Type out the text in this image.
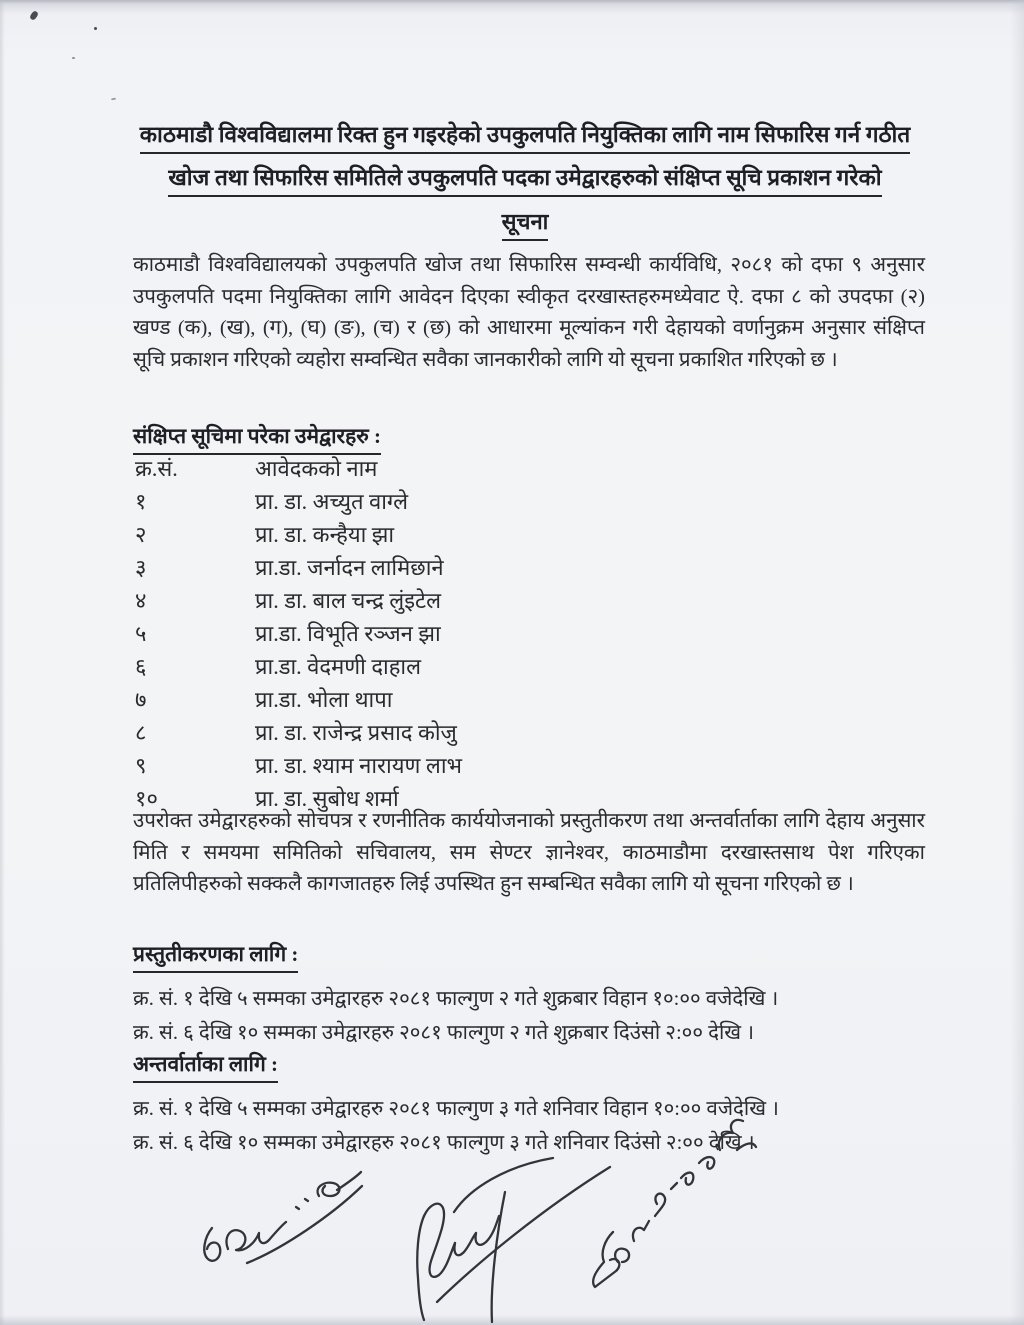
काठमाडौ विश्वविद्यालमा रिक्त हुन गइरहेको उपकुलपति नियुक्तिका लागि नाम सिफारिस गर्न गठीत
खोज तथा सिफारिस समितिले उपकुलपति पदका उमेद्वारहरुको संक्षिप्त सूचि प्रकाशन गरेको
सूचना
काठमाडौ विश्वविद्यालयको उपकुलपति खोज तथा सिफारिस सम्वन्धी कार्यविधि, २०८१ को दफा ९ अनुसार उपकुलपति पदमा नियुक्तिका लागि आवेदन दिएका स्वीकृत दरखास्तहरुमध्येवाट ऐ. दफा ८ को उपदफा (२) खण्ड (क), (ख), (ग), (घ) (ङ), (च) र (छ) को आधारमा मूल्यांकन गरी देहायको वर्णानुक्रम अनुसार संक्षिप्त सूचि प्रकाशन गरिएको व्यहोरा सम्वन्धित सवैका जानकारीको लागि यो सूचना प्रकाशित गरिएको छ ।
संक्षिप्त सूचिमा परेका उमेद्वारहरु :
क्र.सं.	आवेदकको नाम
१	प्रा. डा. अच्युत वाग्ले
२	प्रा. डा. कन्हैया झा
३	प्रा.डा. जर्नादन लामिछाने
४	प्रा. डा. बाल चन्द्र लुंइटेल
५	प्रा.डा. विभूति रञ्जन झा
६	प्रा.डा. वेदमणी दाहाल
७	प्रा.डा. भोला थापा
८	प्रा. डा. राजेन्द्र प्रसाद कोजु
९	प्रा. डा. श्याम नारायण लाभ
१०	प्रा. डा. सुबोध शर्मा
उपरोक्त उमेद्वारहरुको सोचपत्र र रणनीतिक कार्ययोजनाको प्रस्तुतीकरण तथा अन्तर्वार्ताका लागि देहाय अनुसार मिति र समयमा समितिको सचिवालय, सम सेण्टर ज्ञानेश्वर, काठमाडौमा दरखास्तसाथ पेश गरिएका प्रतिलिपीहरुको सक्कलै कागजातहरु लिई उपस्थित हुन सम्बन्धित सवैका लागि यो सूचना गरिएको छ ।
प्रस्तुतीकरणका लागि :
क्र. सं. १ देखि ५ सम्मका उमेद्वारहरु २०८१ फाल्गुण २ गते शुक्रबार विहान १०:०० वजेदेखि ।
क्र. सं. ६ देखि १० सम्मका उमेद्वारहरु २०८१ फाल्गुण २ गते शुक्रबार दिउंसो २:०० देखि ।
अन्तर्वार्ताका लागि :
क्र. सं. १ देखि ५ सम्मका उमेद्वारहरु २०८१ फाल्गुण ३ गते शनिवार विहान १०:०० वजेदेखि ।
क्र. सं. ६ देखि १० सम्मका उमेद्वारहरु २०८१ फाल्गुण ३ गते शनिवार दिउंसो २:०० देखि ।
